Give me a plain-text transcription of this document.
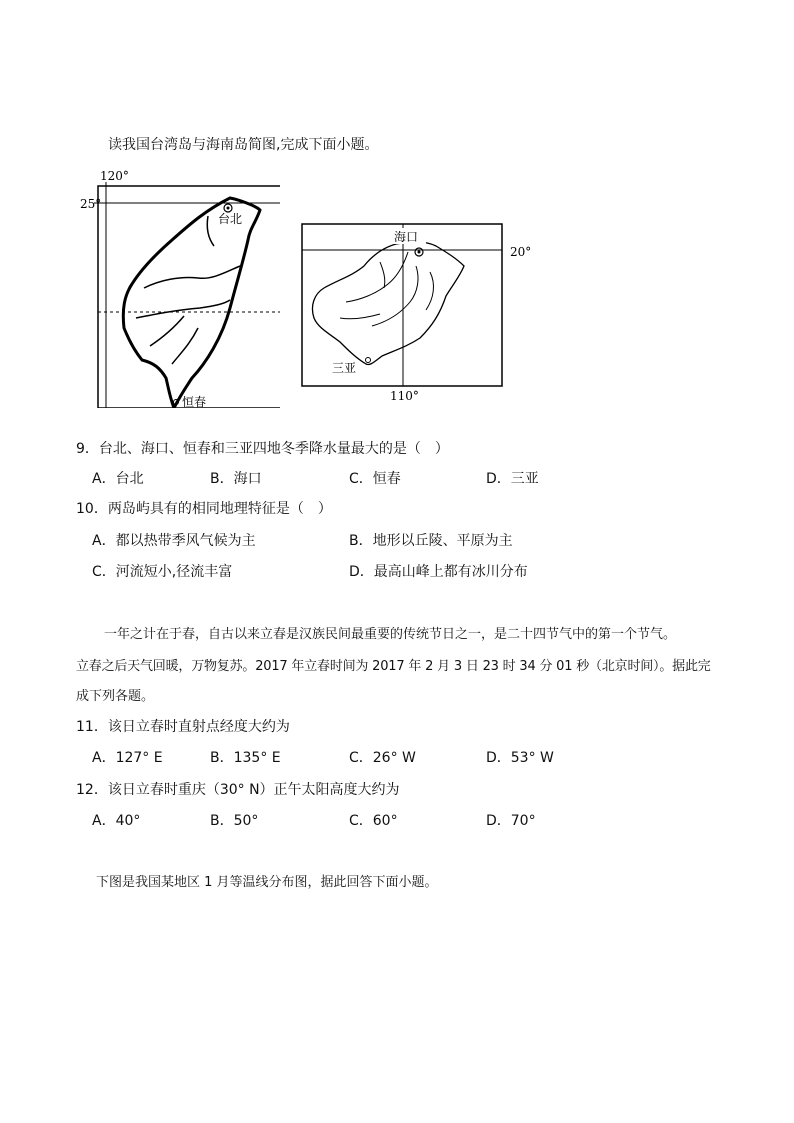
读我国台湾岛与海南岛简图,完成下面小题。
120°
25°
台北
恒春
20°
110°
海口
三亚
9．台北、海口、恒春和三亚四地冬季降水量最大的是（　）
A．台北	B．海口	C．恒春	D．三亚
10．两岛屿具有的相同地理特征是（　）
A．都以热带季风气候为主	B．地形以丘陵、平原为主
C．河流短小,径流丰富	D．最高山峰上都有冰川分布
一年之计在于春，自古以来立春是汉族民间最重要的传统节日之一，是二十四节气中的第一个节气。
立春之后天气回暖，万物复苏。2017 年立春时间为 2017 年 2 月 3 日 23 时 34 分 01 秒（北京时间）。据此完
成下列各题。
11．该日立春时直射点经度大约为
A．127° E	B．135° E	C．26° W	D．53° W
12．该日立春时重庆（30° N）正午太阳高度大约为
A．40°	B．50°	C．60°	D．70°
下图是我国某地区 1 月等温线分布图，据此回答下面小题。
